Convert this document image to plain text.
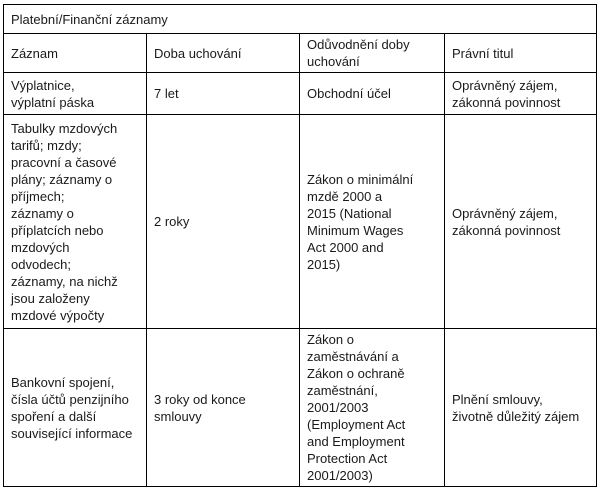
Platební/Finanční záznamy			
Záznam	Doba uchování	Odůvodnění doby uchování	Právní titul
Výplatnice, výplatní páska	7 let	Obchodní účel	Oprávněný zájem, zákonná povinnost
Tabulky mzdových tarifů; mzdy; pracovní a časové plány; záznamy o příjmech; záznamy o příplatcích nebo mzdových odvodech; záznamy, na nichž jsou založeny mzdové výpočty	2 roky	Zákon o minimální mzdě 2000 a 2015 (National Minimum Wages Act 2000 and 2015)	Oprávněný zájem, zákonná povinnost
Bankovní spojení, čísla účtů penzijního spoření a další související informace	3 roky od konce smlouvy	Zákon o zaměstnávání a Zákon o ochraně zaměstnání, 2001/2003 (Employment Act and Employment Protection Act 2001/2003)	Plnění smlouvy, životně důležitý zájem
